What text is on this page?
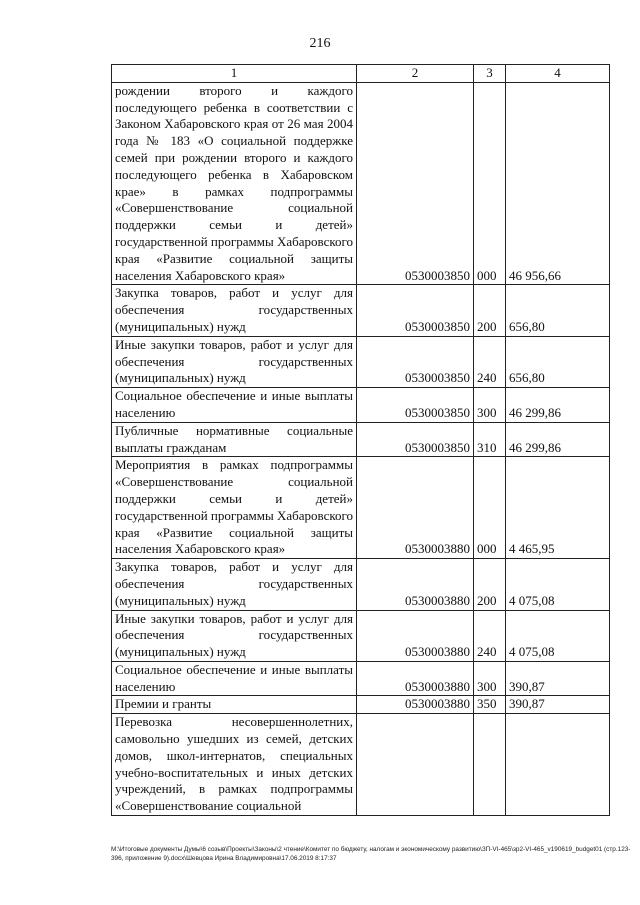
216
1	2	3	4
рождении второго и каждого последующего ребенка в соответствии с Законом Хабаровского края от 26 мая 2004 года № 183 «О социальной поддержке семей при рождении второго и каждого последующего ребенка в Хабаровском крае» в рамках подпрограммы «Совершенствование социальной поддержки семьи и детей» государственной программы Хабаровского края «Развитие социальной защиты населения Хабаровского края»	0530003850	000	46 956,66
Закупка товаров, работ и услуг для обеспечения государственных (муниципальных) нужд	0530003850	200	656,80
Иные закупки товаров, работ и услуг для обеспечения государственных (муниципальных) нужд	0530003850	240	656,80
Социальное обеспечение и иные выплаты населению	0530003850	300	46 299,86
Публичные нормативные социальные выплаты гражданам	0530003850	310	46 299,86
Мероприятия в рамках подпрограммы «Совершенствование социальной поддержки семьи и детей» государственной программы Хабаровского края «Развитие социальной защиты населения Хабаровского края»	0530003880	000	4 465,95
Закупка товаров, работ и услуг для обеспечения государственных (муниципальных) нужд	0530003880	200	4 075,08
Иные закупки товаров, работ и услуг для обеспечения государственных (муниципальных) нужд	0530003880	240	4 075,08
Социальное обеспечение и иные выплаты населению	0530003880	300	390,87
Премии и гранты	0530003880	350	390,87
Перевозка несовершеннолетних, самовольно ушедших из семей, детских домов, школ-интернатов, специальных учебно-воспитательных и иных детских учреждений, в рамках подпрограммы «Совершенствование социальной			
М:\Итоговые документы Думы\6 созыв\Проекты\Законы\2 чтение\Комитет по бюджету, налогам и экономическому развитию\ЗП-VI-465\зр2-VI-465_v190619_budget01 (стр.123-396, приложение 9).docx\Шевцова Ирина Владимировна\17.06.2019 8:17:37
